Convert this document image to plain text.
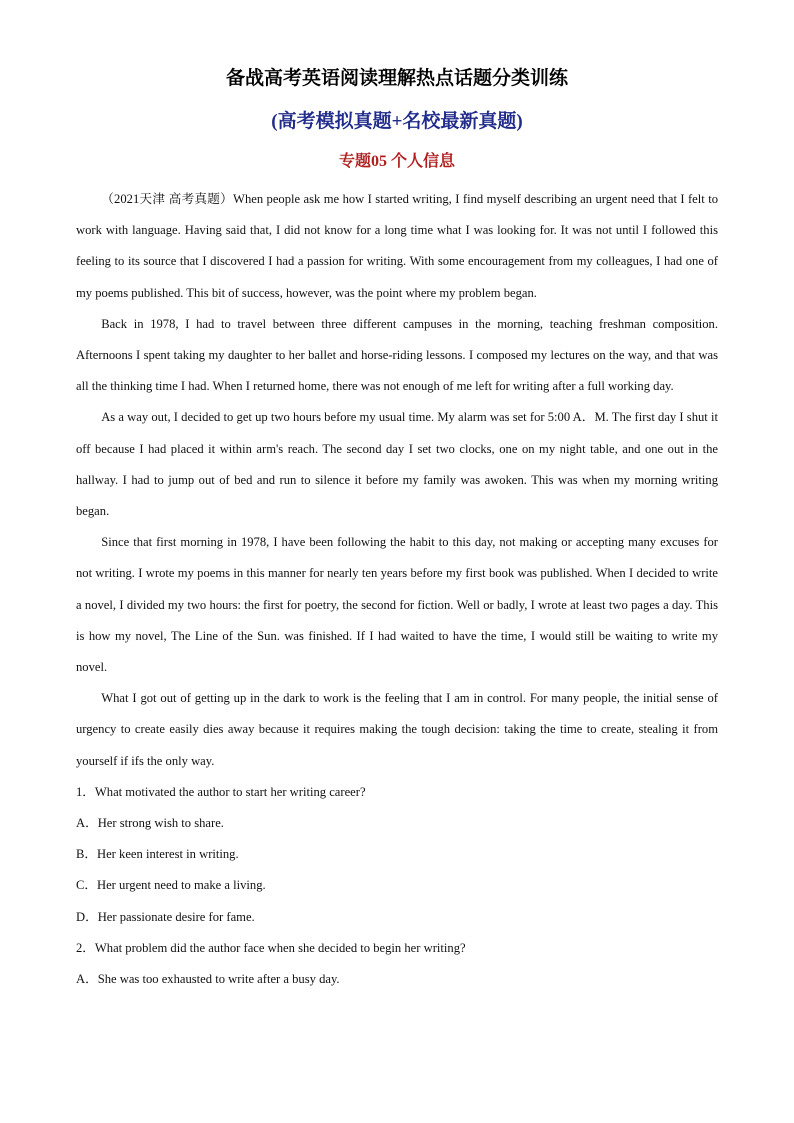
备战高考英语阅读理解热点话题分类训练
(高考模拟真题+名校最新真题)
专题05 个人信息

（2021天津 高考真题）When people ask me how I started writing, I find myself describing an urgent need that I felt to work with language. Having said that, I did not know for a long time what I was looking for. It was not until I followed this feeling to its source that I discovered I had a passion for writing. With some encouragement from my colleagues, I had one of my poems published. This bit of success, however, was the point where my problem began.

Back in 1978, I had to travel between three different campuses in the morning, teaching freshman composition. Afternoons I spent taking my daughter to her ballet and horse-riding lessons. I composed my lectures on the way, and that was all the thinking time I had. When I returned home, there was not enough of me left for writing after a full working day.

As a way out, I decided to get up two hours before my usual time. My alarm was set for 5:00 A．M. The first day I shut it off because I had placed it within arm's reach. The second day I set two clocks, one on my night table, and one out in the hallway. I had to jump out of bed and run to silence it before my family was awoken. This was when my morning writing began.

Since that first morning in 1978, I have been following the habit to this day, not making or accepting many excuses for not writing. I wrote my poems in this manner for nearly ten years before my first book was published. When I decided to write a novel, I divided my two hours: the first for poetry, the second for fiction. Well or badly, I wrote at least two pages a day. This is how my novel, The Line of the Sun. was finished. If I had waited to have the time, I would still be waiting to write my novel.

What I got out of getting up in the dark to work is the feeling that I am in control. For many people, the initial sense of urgency to create easily dies away because it requires making the tough decision: taking the time to create, stealing it from yourself if ifs the only way.

1．What motivated the author to start her writing career?

A．Her strong wish to share.

B．Her keen interest in writing.

C．Her urgent need to make a living.

D．Her passionate desire for fame.

2．What problem did the author face when she decided to begin her writing?

A．She was too exhausted to write after a busy day.
